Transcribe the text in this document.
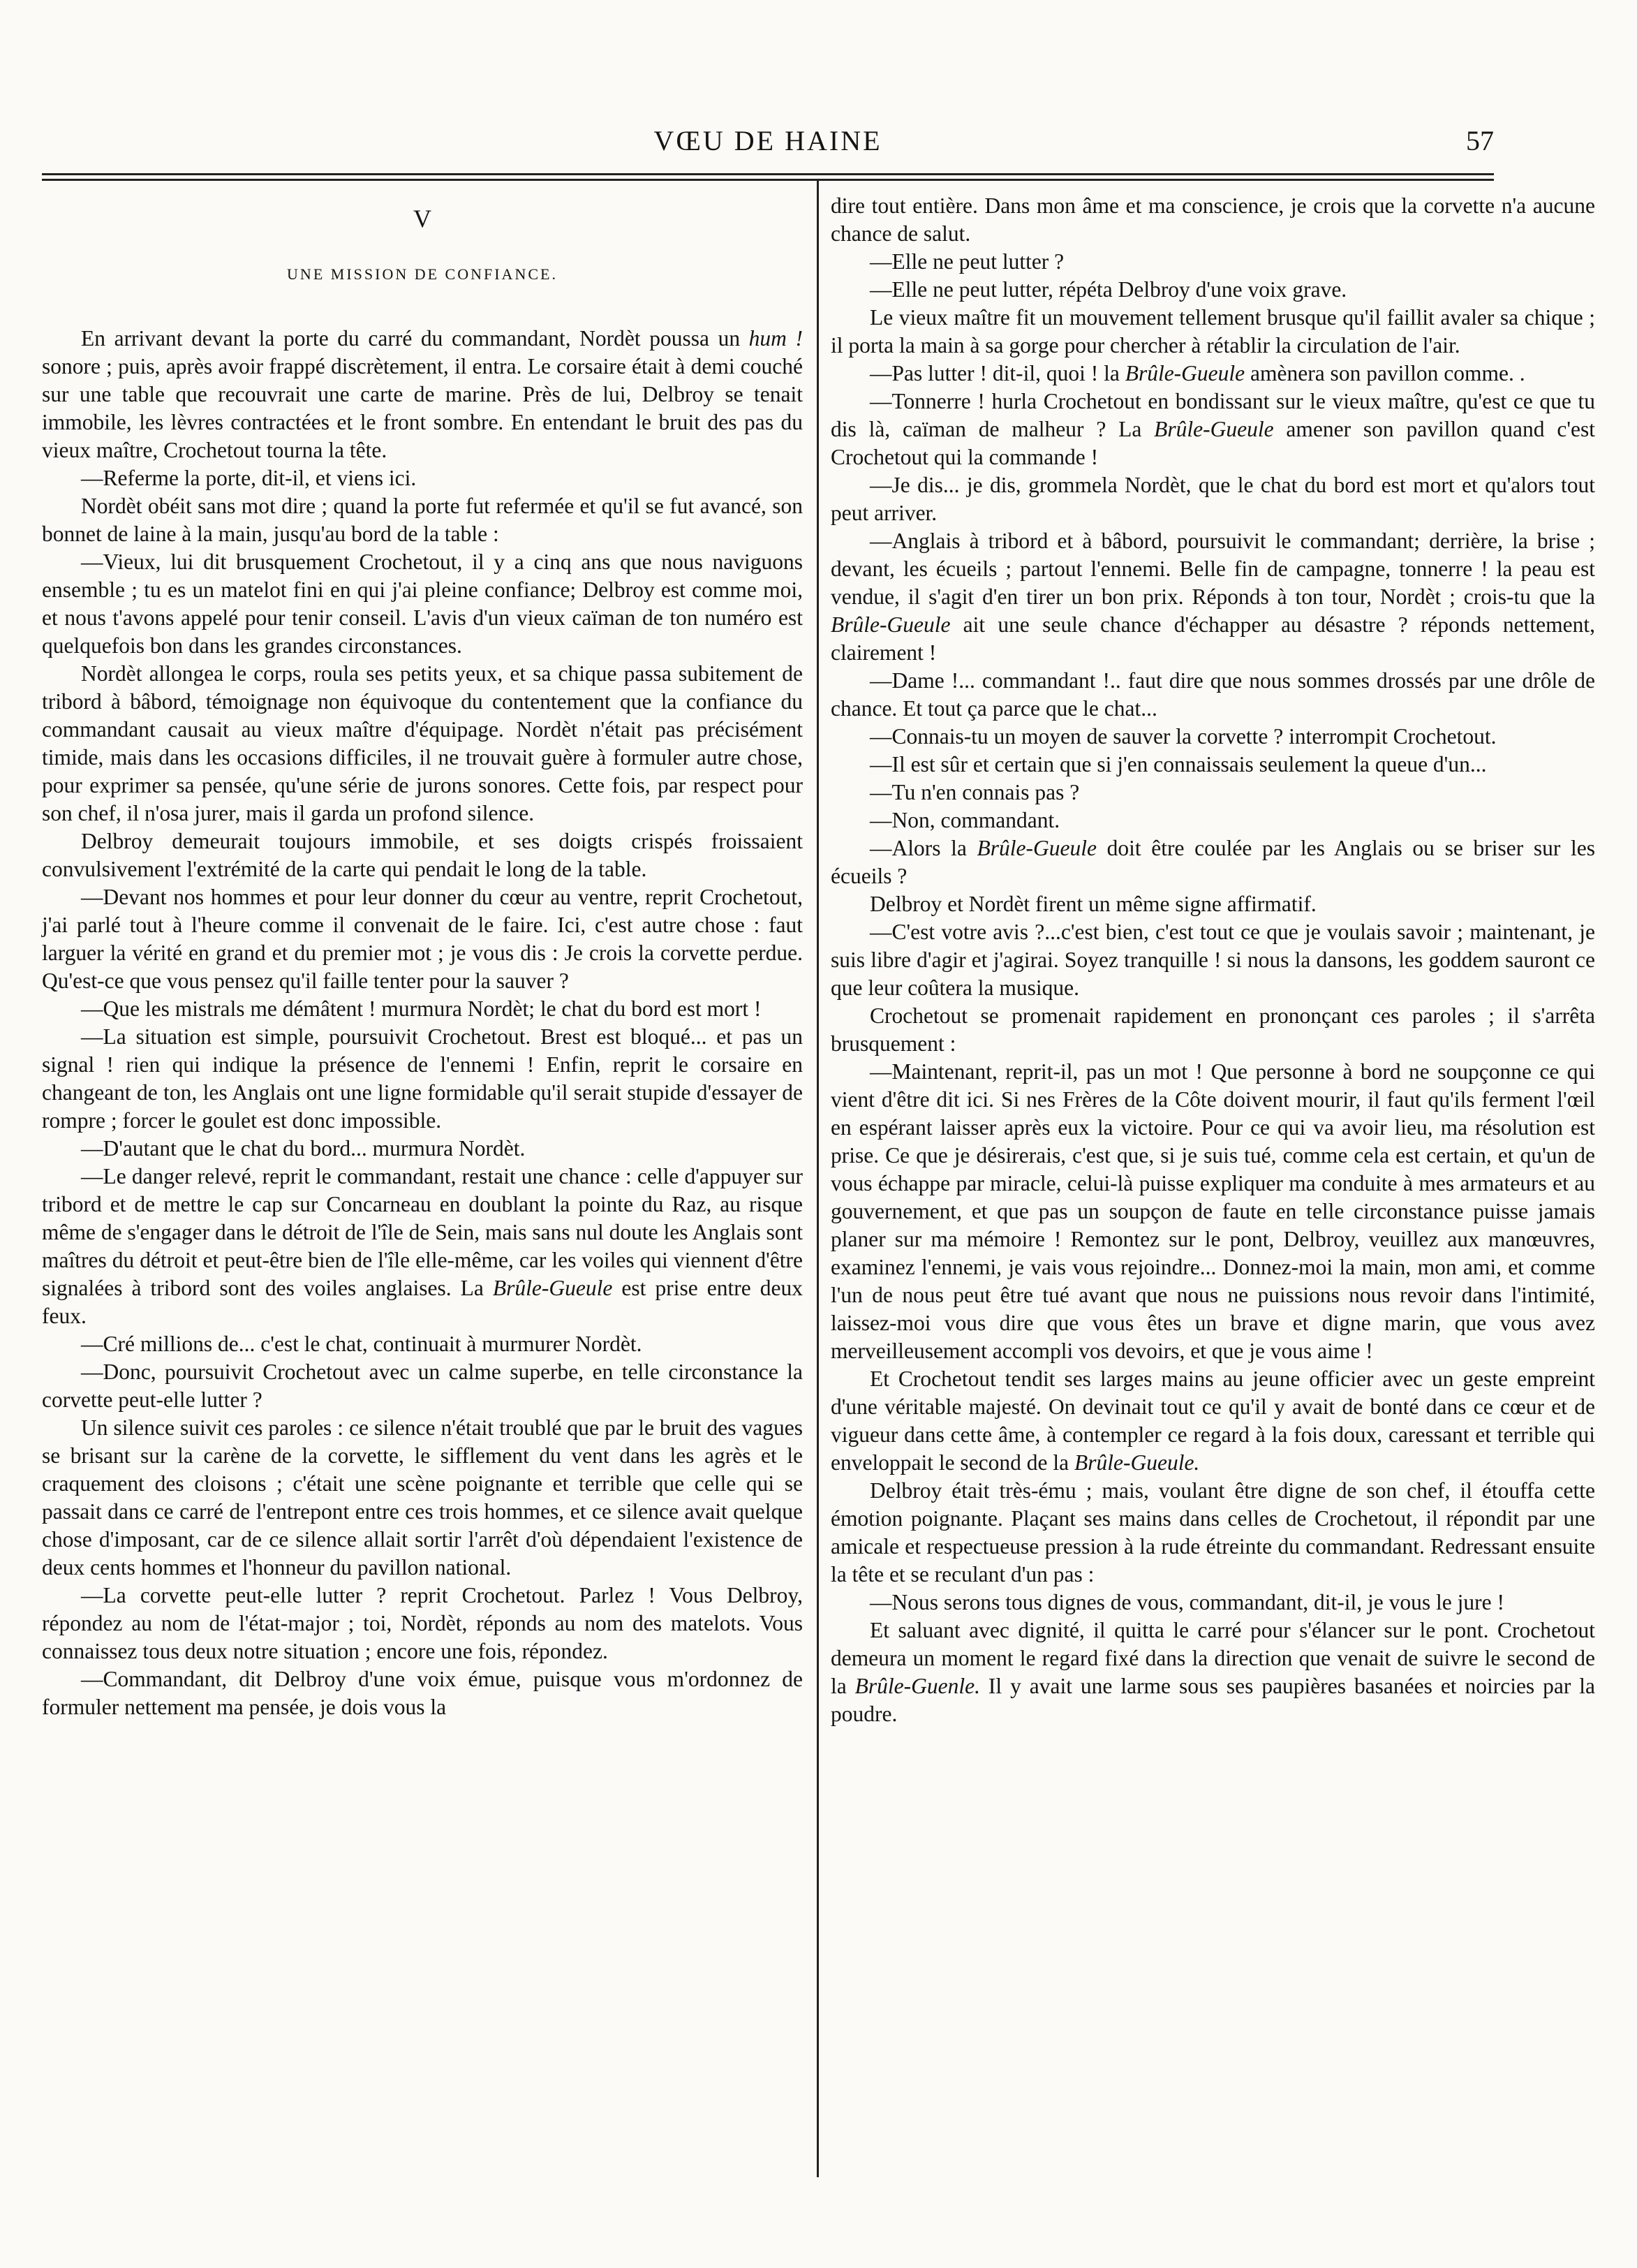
VŒU DE HAINE	57
V
UNE MISSION DE CONFIANCE.

En arrivant devant la porte du carré du commandant, Nordèt poussa un hum ! sonore ; puis, après avoir frappé discrètement, il entra. Le corsaire était à demi couché sur une table que recouvrait une carte de marine. Près de lui, Delbroy se tenait immobile, les lèvres contractées et le front sombre. En entendant le bruit des pas du vieux maître, Crochetout tourna la tête.

—Referme la porte, dit-il, et viens ici.

Nordèt obéit sans mot dire ; quand la porte fut refermée et qu'il se fut avancé, son bonnet de laine à la main, jusqu'au bord de la table :

—Vieux, lui dit brusquement Crochetout, il y a cinq ans que nous naviguons ensemble ; tu es un matelot fini en qui j'ai pleine confiance; Delbroy est comme moi, et nous t'avons appelé pour tenir conseil. L'avis d'un vieux caïman de ton numéro est quelquefois bon dans les grandes circonstances.

Nordèt allongea le corps, roula ses petits yeux, et sa chique passa subitement de tribord à bâbord, témoignage non équivoque du contentement que la confiance du commandant causait au vieux maître d'équipage. Nordèt n'était pas précisément timide, mais dans les occasions difficiles, il ne trouvait guère à formuler autre chose, pour exprimer sa pensée, qu'une série de jurons sonores. Cette fois, par respect pour son chef, il n'osa jurer, mais il garda un profond silence.

Delbroy demeurait toujours immobile, et ses doigts crispés froissaient convulsivement l'extrémité de la carte qui pendait le long de la table.

—Devant nos hommes et pour leur donner du cœur au ventre, reprit Crochetout, j'ai parlé tout à l'heure comme il convenait de le faire. Ici, c'est autre chose : faut larguer la vérité en grand et du premier mot ; je vous dis : Je crois la corvette perdue. Qu'est-ce que vous pensez qu'il faille tenter pour la sauver ?

—Que les mistrals me démâtent ! murmura Nordèt; le chat du bord est mort !

—La situation est simple, poursuivit Crochetout. Brest est bloqué... et pas un signal ! rien qui indique la présence de l'ennemi ! Enfin, reprit le corsaire en changeant de ton, les Anglais ont une ligne formidable qu'il serait stupide d'essayer de rompre ; forcer le goulet est donc impossible.

—D'autant que le chat du bord... murmura Nordèt.

—Le danger relevé, reprit le commandant, restait une chance : celle d'appuyer sur tribord et de mettre le cap sur Concarneau en doublant la pointe du Raz, au risque même de s'engager dans le détroit de l'île de Sein, mais sans nul doute les Anglais sont maîtres du détroit et peut-être bien de l'île elle-même, car les voiles qui viennent d'être signalées à tribord sont des voiles anglaises. La Brûle-Gueule est prise entre deux feux.

—Cré millions de... c'est le chat, continuait à murmurer Nordèt.

—Donc, poursuivit Crochetout avec un calme superbe, en telle circonstance la corvette peut-elle lutter ?

Un silence suivit ces paroles : ce silence n'était troublé que par le bruit des vagues se brisant sur la carène de la corvette, le sifflement du vent dans les agrès et le craquement des cloisons ; c'était une scène poignante et terrible que celle qui se passait dans ce carré de l'entrepont entre ces trois hommes, et ce silence avait quelque chose d'imposant, car de ce silence allait sortir l'arrêt d'où dépendaient l'existence de deux cents hommes et l'honneur du pavillon national.

—La corvette peut-elle lutter ? reprit Crochetout. Parlez ! Vous Delbroy, répondez au nom de l'état-major ; toi, Nordèt, réponds au nom des matelots. Vous connaissez tous deux notre situation ; encore une fois, répondez.

—Commandant, dit Delbroy d'une voix émue, puisque vous m'ordonnez de formuler nettement ma pensée, je dois vous la

dire tout entière. Dans mon âme et ma conscience, je crois que la corvette n'a aucune chance de salut.

—Elle ne peut lutter ?

—Elle ne peut lutter, répéta Delbroy d'une voix grave.

Le vieux maître fit un mouvement tellement brusque qu'il faillit avaler sa chique ; il porta la main à sa gorge pour chercher à rétablir la circulation de l'air.

—Pas lutter ! dit-il, quoi ! la Brûle-Gueule amènera son pavillon comme. .

—Tonnerre ! hurla Crochetout en bondissant sur le vieux maître, qu'est ce que tu dis là, caïman de malheur ? La Brûle-Gueule amener son pavillon quand c'est Crochetout qui la commande !

—Je dis... je dis, grommela Nordèt, que le chat du bord est mort et qu'alors tout peut arriver.

—Anglais à tribord et à bâbord, poursuivit le commandant; derrière, la brise ; devant, les écueils ; partout l'ennemi. Belle fin de campagne, tonnerre ! la peau est vendue, il s'agit d'en tirer un bon prix. Réponds à ton tour, Nordèt ; crois-tu que la Brûle-Gueule ait une seule chance d'échapper au désastre ? réponds nettement, clairement !

—Dame !... commandant !.. faut dire que nous sommes drossés par une drôle de chance. Et tout ça parce que le chat...

—Connais-tu un moyen de sauver la corvette ? interrompit Crochetout.

—Il est sûr et certain que si j'en connaissais seulement la queue d'un...

—Tu n'en connais pas ?

—Non, commandant.

—Alors la Brûle-Gueule doit être coulée par les Anglais ou se briser sur les écueils ?

Delbroy et Nordèt firent un même signe affirmatif.

—C'est votre avis ?...c'est bien, c'est tout ce que je voulais savoir ; maintenant, je suis libre d'agir et j'agirai. Soyez tranquille ! si nous la dansons, les goddem sauront ce que leur coûtera la musique.

Crochetout se promenait rapidement en prononçant ces paroles ; il s'arrêta brusquement :

—Maintenant, reprit-il, pas un mot ! Que personne à bord ne soupçonne ce qui vient d'être dit ici. Si nes Frères de la Côte doivent mourir, il faut qu'ils ferment l'œil en espérant laisser après eux la victoire. Pour ce qui va avoir lieu, ma résolution est prise. Ce que je désirerais, c'est que, si je suis tué, comme cela est certain, et qu'un de vous échappe par miracle, celui-là puisse expliquer ma conduite à mes armateurs et au gouvernement, et que pas un soupçon de faute en telle circonstance puisse jamais planer sur ma mémoire ! Remontez sur le pont, Delbroy, veuillez aux manœuvres, examinez l'ennemi, je vais vous rejoindre... Donnez-moi la main, mon ami, et comme l'un de nous peut être tué avant que nous ne puissions nous revoir dans l'intimité, laissez-moi vous dire que vous êtes un brave et digne marin, que vous avez merveilleusement accompli vos devoirs, et que je vous aime !

Et Crochetout tendit ses larges mains au jeune officier avec un geste empreint d'une véritable majesté. On devinait tout ce qu'il y avait de bonté dans ce cœur et de vigueur dans cette âme, à contempler ce regard à la fois doux, caressant et terrible qui enveloppait le second de la Brûle-Gueule.

Delbroy était très-ému ; mais, voulant être digne de son chef, il étouffa cette émotion poignante. Plaçant ses mains dans celles de Crochetout, il répondit par une amicale et respectueuse pression à la rude étreinte du commandant. Redressant ensuite la tête et se reculant d'un pas :

—Nous serons tous dignes de vous, commandant, dit-il, je vous le jure !

Et saluant avec dignité, il quitta le carré pour s'élancer sur le pont. Crochetout demeura un moment le regard fixé dans la direction que venait de suivre le second de la Brûle-Guenle. Il y avait une larme sous ses paupières basanées et noircies par la poudre.
